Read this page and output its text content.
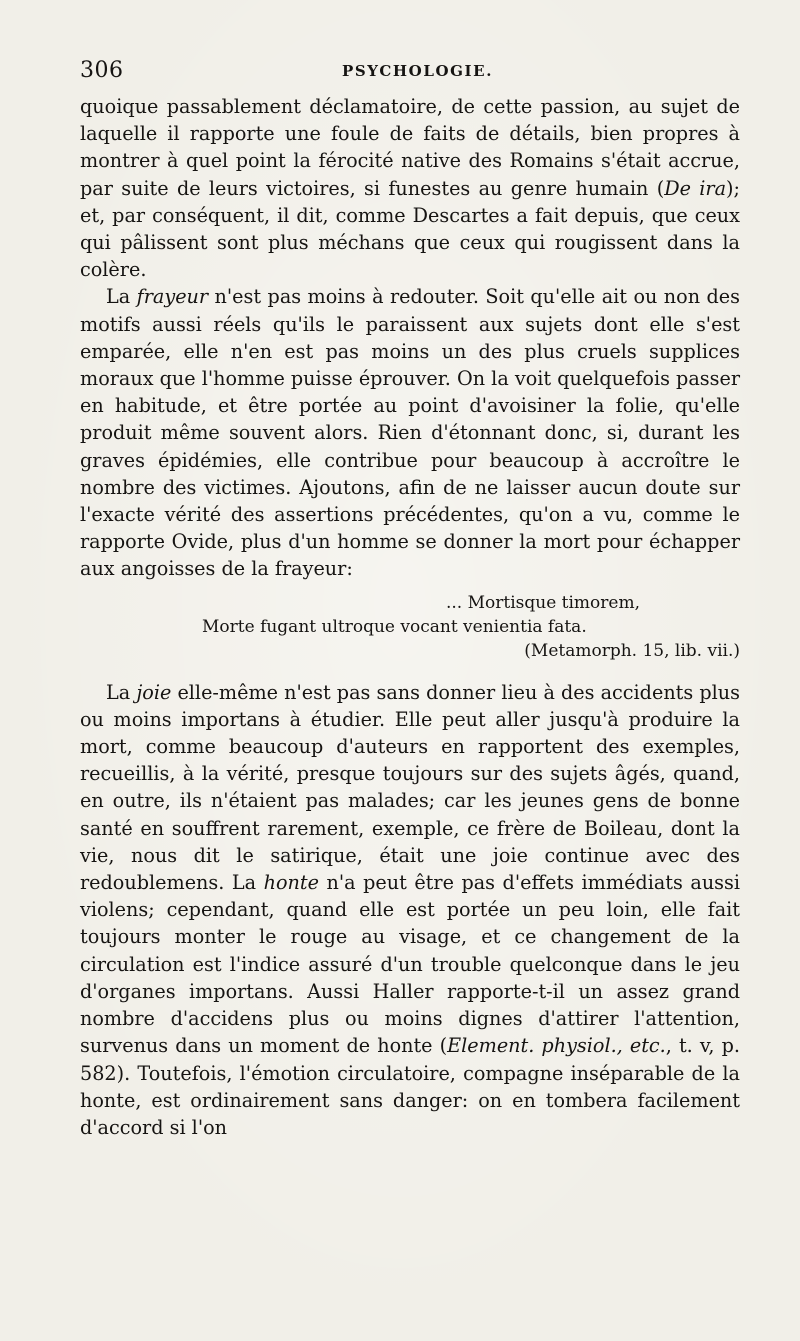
306	PSYCHOLOGIE.

quoique passablement déclamatoire, de cette passion, au sujet de laquelle il rapporte une foule de faits de détails, bien propres à montrer à quel point la férocité native des Romains s'était accrue, par suite de leurs victoires, si funestes au genre humain (De ira); et, par conséquent, il dit, comme Descartes a fait depuis, que ceux qui pâlissent sont plus méchans que ceux qui rougissent dans la colère.

La frayeur n'est pas moins à redouter. Soit qu'elle ait ou non des motifs aussi réels qu'ils le paraissent aux sujets dont elle s'est emparée, elle n'en est pas moins un des plus cruels supplices moraux que l'homme puisse éprouver. On la voit quelquefois passer en habitude, et être portée au point d'avoisiner la folie, qu'elle produit même souvent alors. Rien d'étonnant donc, si, durant les graves épidémies, elle contribue pour beaucoup à accroître le nombre des victimes. Ajoutons, afin de ne laisser aucun doute sur l'exacte vérité des assertions précédentes, qu'on a vu, comme le rapporte Ovide, plus d'un homme se donner la mort pour échapper aux angoisses de la frayeur:

... Mortisque timorem,
Morte fugant ultroque vocant venientia fata.
(Metamorph. 15, lib. vii.)

La joie elle-même n'est pas sans donner lieu à des accidents plus ou moins importans à étudier. Elle peut aller jusqu'à produire la mort, comme beaucoup d'auteurs en rapportent des exemples, recueillis, à la vérité, presque toujours sur des sujets âgés, quand, en outre, ils n'étaient pas malades; car les jeunes gens de bonne santé en souffrent rarement, exemple, ce frère de Boileau, dont la vie, nous dit le satirique, était une joie continue avec des redoublemens. La honte n'a peut être pas d'effets immédiats aussi violens; cependant, quand elle est portée un peu loin, elle fait toujours monter le rouge au visage, et ce changement de la circulation est l'indice assuré d'un trouble quelconque dans le jeu d'organes importans. Aussi Haller rapporte-t-il un assez grand nombre d'accidens plus ou moins dignes d'attirer l'attention, survenus dans un moment de honte (Element. physiol., etc., t. v, p. 582). Toutefois, l'émotion circulatoire, compagne inséparable de la honte, est ordinairement sans danger: on en tombera facilement d'accord si l'on
